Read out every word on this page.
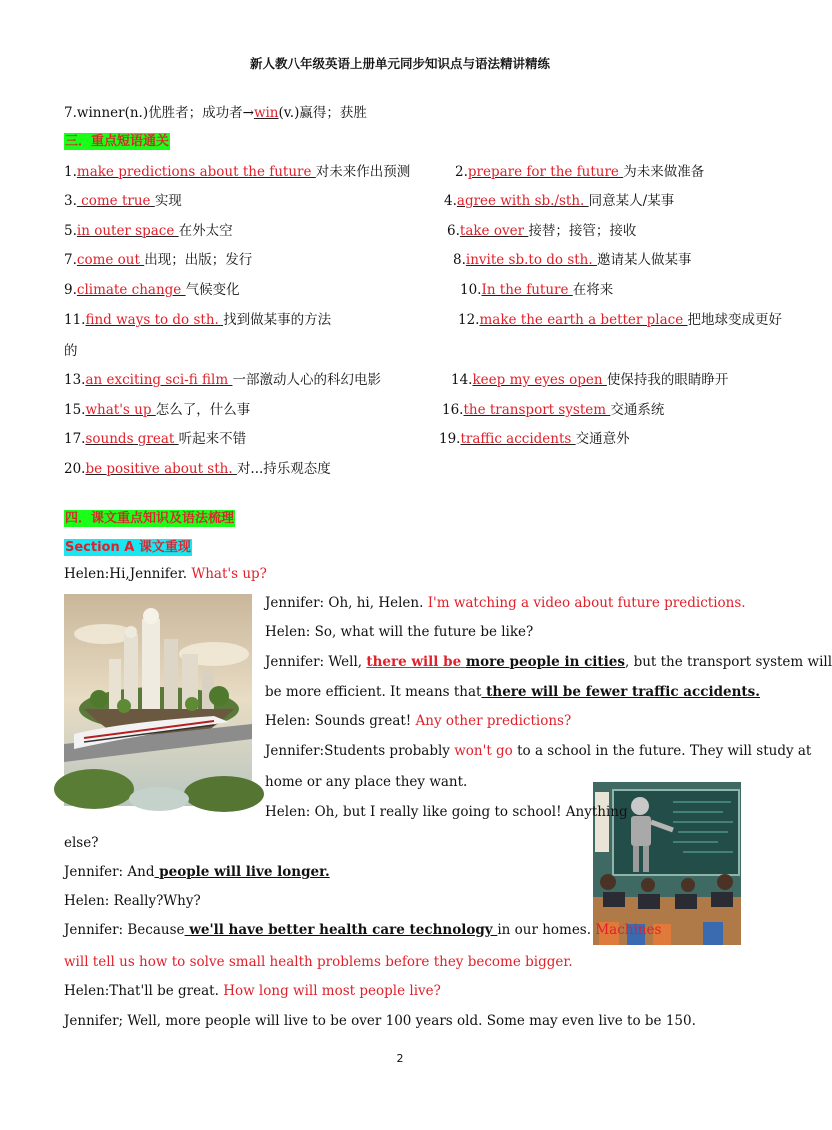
新人教八年级英语上册单元同步知识点与语法精讲精练
7.winner(n.)优胜者；成功者→win(v.)赢得；获胜
三．重点短语通关
1.make predictions about the future 对未来作出预测	2.prepare for the future 为未来做准备
3. come true 实现	4.agree with sb./sth. 同意某人/某事
5.in outer space 在外太空	6.take over 接替；接管；接收
7.come out 出现；出版；发行	8.invite sb.to do sth. 邀请某人做某事
9.climate change 气候变化	10.In the future 在将来
11.find ways to do sth. 找到做某事的方法	12.make the earth a better place 把地球变成更好
的
13.an exciting sci-fi film 一部激动人心的科幻电影	14.keep my eyes open 使保持我的眼睛睁开
15.what's up 怎么了，什么事	16.the transport system 交通系统
17.sounds great 听起来不错	19.traffic accidents 交通意外
20.be positive about sth. 对...持乐观态度
四．课文重点知识及语法梳理
Section A 课文重现
Helen:Hi,Jennifer. What's up?
Jennifer: Oh, hi, Helen. I'm watching a video about future predictions.
Helen: So, what will the future be like?
Jennifer: Well, there will be more people in cities, but the transport system will
be more efficient. It means that there will be fewer traffic accidents.
Helen: Sounds great! Any other predictions?
Jennifer:Students probably won't go to a school in the future. They will study at
home or any place they want.
Helen: Oh, but I really like going to school! Anything
else?
Jennifer: And people will live longer.
Helen: Really?Why?
Jennifer: Because we'll have better health care technology in our homes. Machines
will tell us how to solve small health problems before they become bigger.
Helen:That'll be great. How long will most people live?
Jennifer; Well, more people will live to be over 100 years old. Some may even live to be 150.
2
